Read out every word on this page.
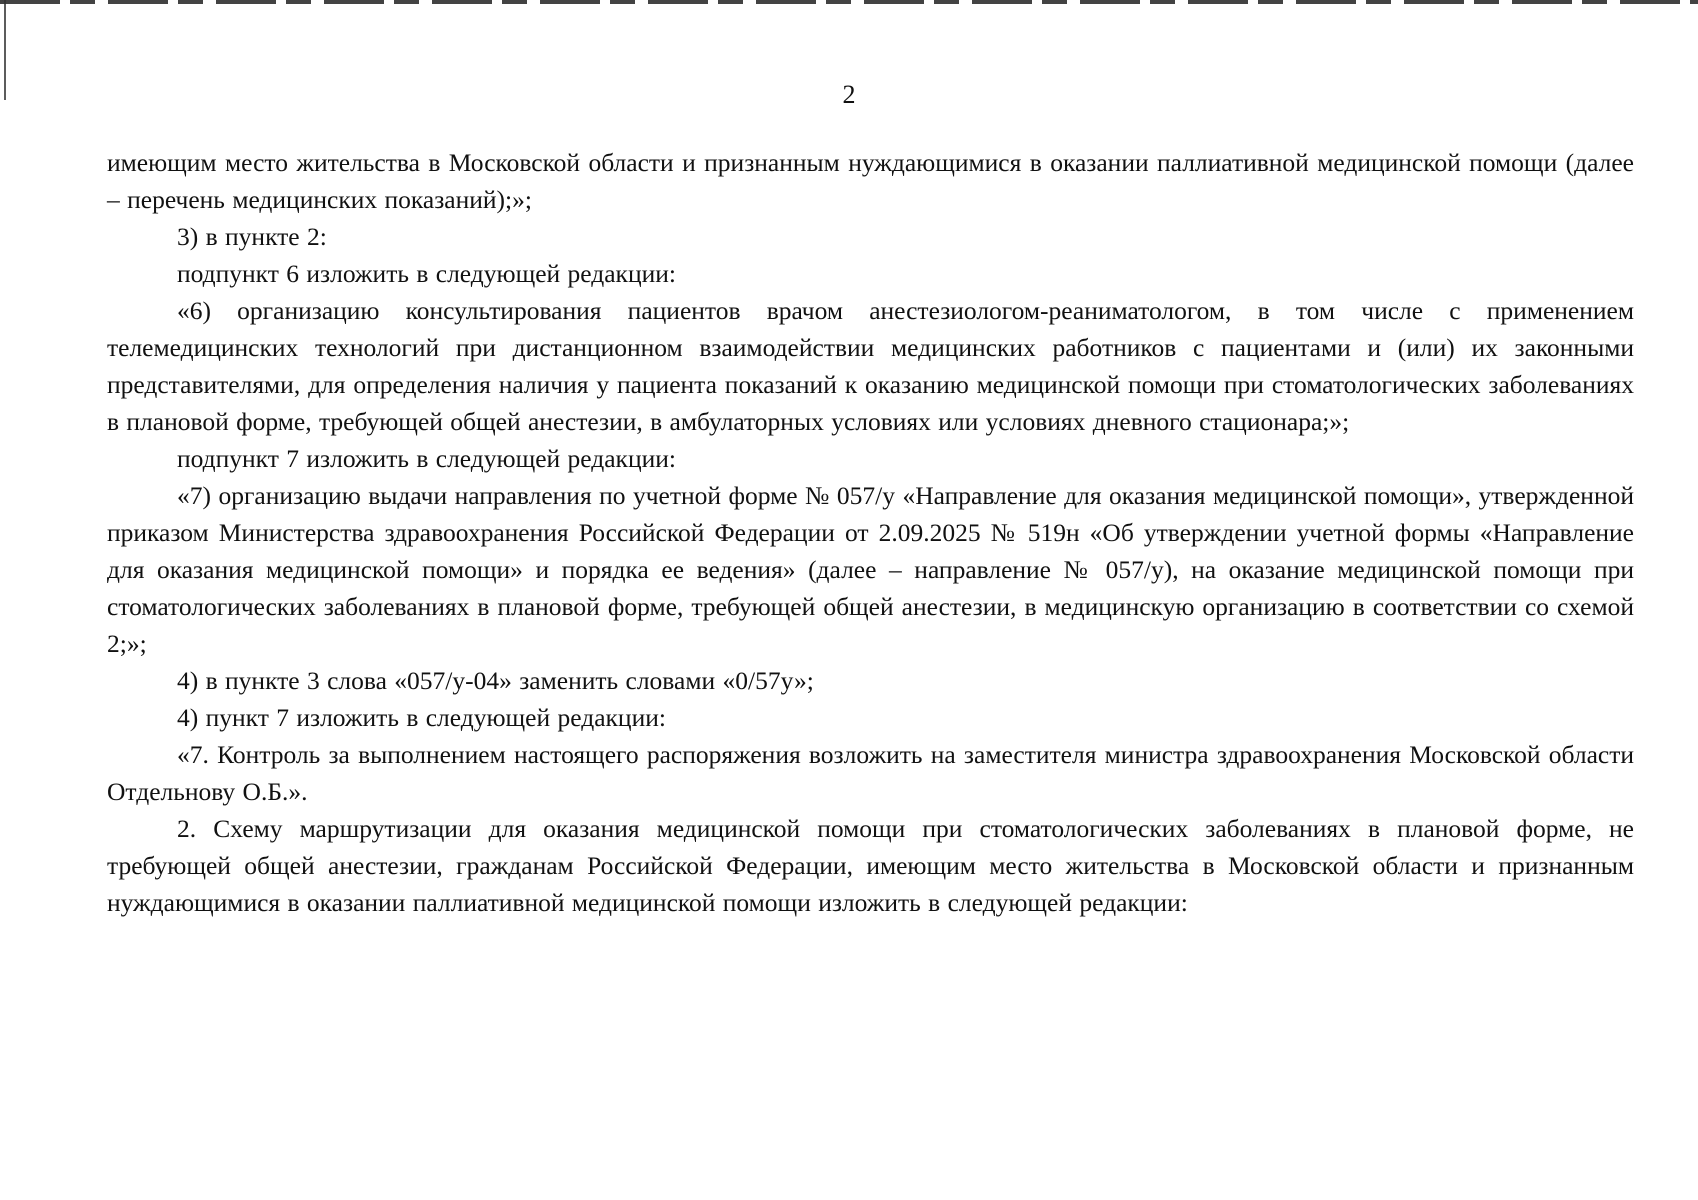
2

имеющим место жительства в Московской области и признанным нуждающимися в оказании паллиативной медицинской помощи (далее – перечень медицинских показаний);»;

3) в пункте 2:

подпункт 6 изложить в следующей редакции:

«6) организацию консультирования пациентов врачом анестезиологом-реаниматологом, в том числе с применением телемедицинских технологий при дистанционном взаимодействии медицинских работников с пациентами и (или) их законными представителями, для определения наличия у пациента показаний к оказанию медицинской помощи при стоматологических заболеваниях в плановой форме, требующей общей анестезии, в амбулаторных условиях или условиях дневного стационара;»;

подпункт 7 изложить в следующей редакции:

«7) организацию выдачи направления по учетной форме № 057/у «Направление для оказания медицинской помощи», утвержденной приказом Министерства здравоохранения Российской Федерации от 2.09.2025 № 519н «Об утверждении учетной формы «Направление для оказания медицинской помощи» и порядка ее ведения» (далее – направление № 057/у), на оказание медицинской помощи при стоматологических заболеваниях в плановой форме, требующей общей анестезии, в медицинскую организацию в соответствии со схемой 2;»;

4) в пункте 3 слова «057/у-04» заменить словами «0/57у»;

4) пункт 7 изложить в следующей редакции:

«7. Контроль за выполнением настоящего распоряжения возложить на заместителя министра здравоохранения Московской области Отдельнову О.Б.».

2. Схему маршрутизации для оказания медицинской помощи при стоматологических заболеваниях в плановой форме, не требующей общей анестезии, гражданам Российской Федерации, имеющим место жительства в Московской области и признанным нуждающимися в оказании паллиативной медицинской помощи изложить в следующей редакции:
